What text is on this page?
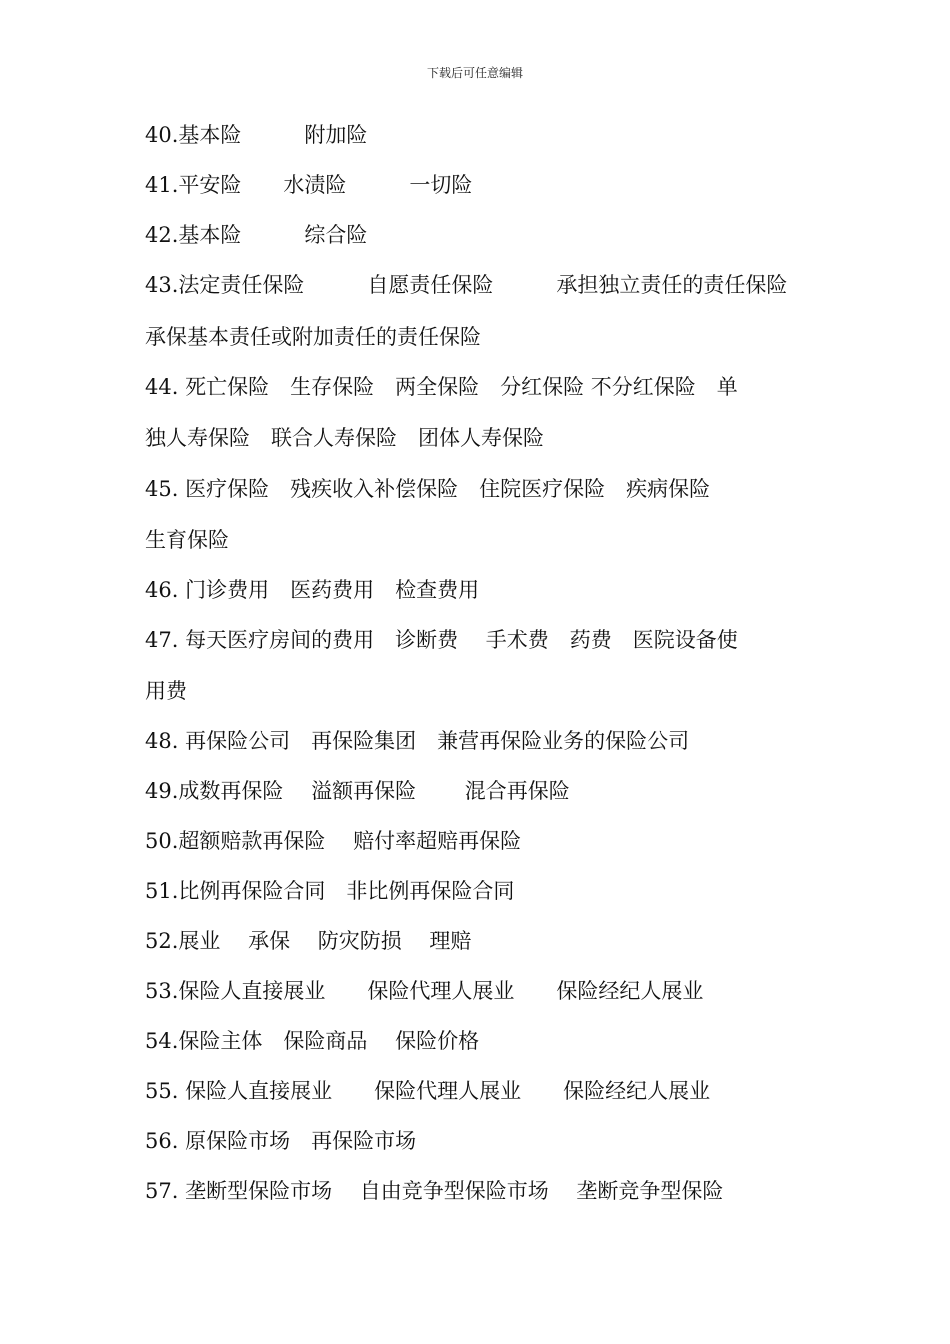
下载后可任意编辑
40.基本险　　　附加险
41.平安险　　水渍险　　　一切险
42.基本险　　　综合险
43.法定责任保险　　　自愿责任保险　　　承担独立责任的责任保险
承保基本责任或附加责任的责任保险
44. 死亡保险　生存保险　两全保险　分红保险 不分红保险　单
独人寿保险　联合人寿保险　团体人寿保险
45. 医疗保险　残疾收入补偿保险　住院医疗保险　疾病保险
生育保险
46. 门诊费用　医药费用　检查费用
47. 每天医疗房间的费用　诊断费　 手术费　药费　医院设备使
用费
48. 再保险公司　再保险集团　兼营再保险业务的保险公司
49.成数再保险　 溢额再保险　　 混合再保险
50.超额赔款再保险　 赔付率超赔再保险
51.比例再保险合同　非比例再保险合同
52.展业　 承保　 防灾防损　 理赔
53.保险人直接展业　　保险代理人展业　　保险经纪人展业
54.保险主体　保险商品　 保险价格
55. 保险人直接展业　　保险代理人展业　　保险经纪人展业
56. 原保险市场　再保险市场
57. 垄断型保险市场　 自由竞争型保险市场　 垄断竞争型保险
